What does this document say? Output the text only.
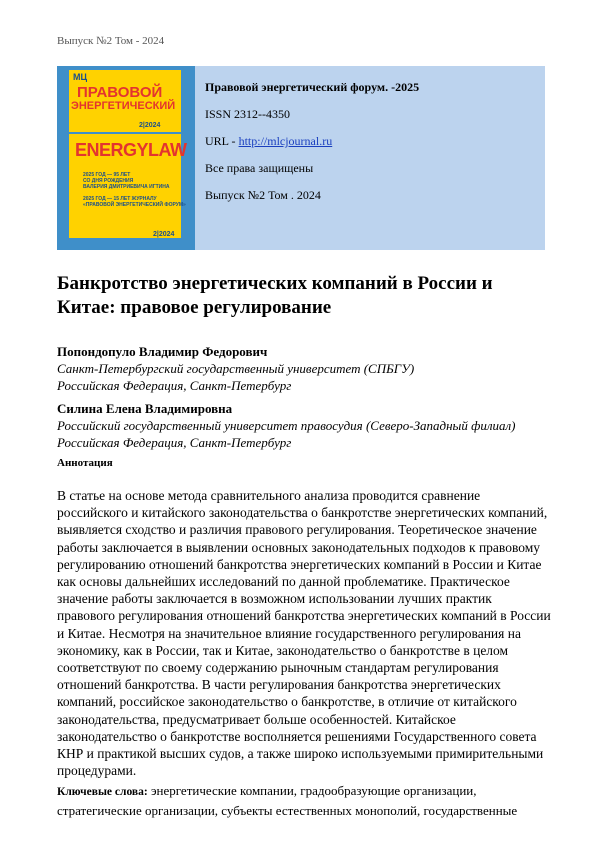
Выпуск №2 Том - 2024
МЦ
ПРАВОВОЙ
ЭНЕРГЕТИЧЕСКИЙ
2|2024
ENERGYLAW
2025 ГОД — 95 ЛЕТ
СО ДНЯ РОЖДЕНИЯ
ВАЛЕРИЯ ДМИТРИЕВИЧА ИГТИНА
2025 ГОД — 15 ЛЕТ ЖУРНАЛУ
«ПРАВОВОЙ ЭНЕРГЕТИЧЕСКИЙ ФОРУМ»
2|2024
Правовой энергетический форум. -2025
ISSN 2312--4350
URL - http://mlcjournal.ru
Все права защищены
Выпуск №2 Том . 2024
Банкротство энергетических компаний в России и Китае: правовое регулирование
Попондопуло Владимир Федорович
Санкт-Петербургский государственный университет (СПБГУ)
Российская Федерация, Санкт-Петербург
Силина Елена Владимировна
Российский государственный университет правосудия (Северо-Западный филиал)
Российская Федерация, Санкт-Петербург
Аннотация

В статье на основе метода сравнительного анализа проводится сравнение российского и китайского законодательства о банкротстве энергетических компаний, выявляется сходство и различия правового регулирования. Теоретическое значение работы заключается в выявлении основных законодательных подходов к правовому регулированию отношений банкротства энергетических компаний в России и Китае как основы дальнейших исследований по данной проблематике. Практическое значение работы заключается в возможном использовании лучших практик правового регулирования отношений банкротства энергетических компаний в России и Китае. Несмотря на значительное влияние государственного регулирования на экономику, как в России, так и Китае, законодательство о банкротстве в целом соответствуют по своему содержанию рыночным стандартам регулирования отношений банкротства. В части регулирования банкротства энергетических компаний, российское законодательство о банкротстве, в отличие от китайского законодательства, предусматривает больше особенностей. Китайское законодательство о банкротстве восполняется решениями Государственного совета КНР и практикой высших судов, а также широко используемыми примирительными процедурами.

Ключевые слова: энергетические компании, градообразующие организации, стратегические организации, субъекты естественных монополий, государственные
